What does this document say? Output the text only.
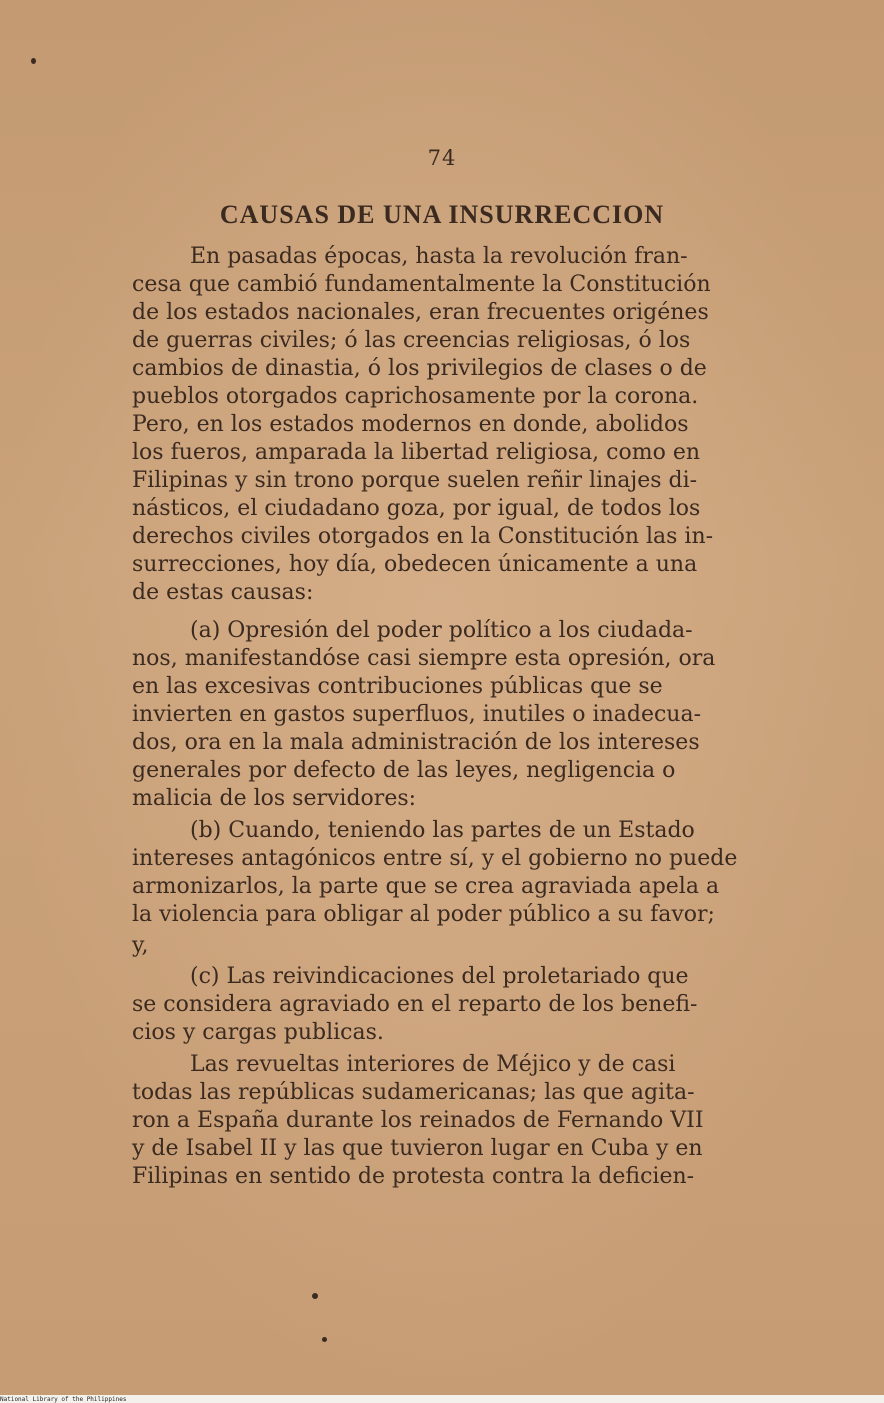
74
CAUSAS DE UNA INSURRECCION
En pasadas épocas, hasta la revolución fran-
cesa que cambió fundamentalmente la Constitución
de los estados nacionales, eran frecuentes origénes
de guerras civiles; ó las creencias religiosas, ó los
cambios de dinastia, ó los privilegios de clases o de
pueblos otorgados caprichosamente por la corona.
Pero, en los estados modernos en donde, abolidos
los fueros, amparada la libertad religiosa, como en
Filipinas y sin trono porque suelen reñir linajes di-
násticos, el ciudadano goza, por igual, de todos los
derechos civiles otorgados en la Constitución las in-
surrecciones, hoy día, obedecen únicamente a una
de estas causas:
(a) Opresión del poder político a los ciudada-
nos, manifestandóse casi siempre esta opresión, ora
en las excesivas contribuciones públicas que se
invierten en gastos superfluos, inutiles o inadecua-
dos, ora en la mala administración de los intereses
generales por defecto de las leyes, negligencia o
malicia de los servidores:
(b) Cuando, teniendo las partes de un Estado
intereses antagónicos entre sí, y el gobierno no puede
armonizarlos, la parte que se crea agraviada apela a
la violencia para obligar al poder público a su favor;
y,
(c) Las reivindicaciones del proletariado que
se considera agraviado en el reparto de los benefi-
cios y cargas publicas.
Las revueltas interiores de Méjico y de casi
todas las repúblicas sudamericanas; las que agita-
ron a España durante los reinados de Fernando VII
y de Isabel II y las que tuvieron lugar en Cuba y en
Filipinas en sentido de protesta contra la deficien-
National Library of the Philippines
